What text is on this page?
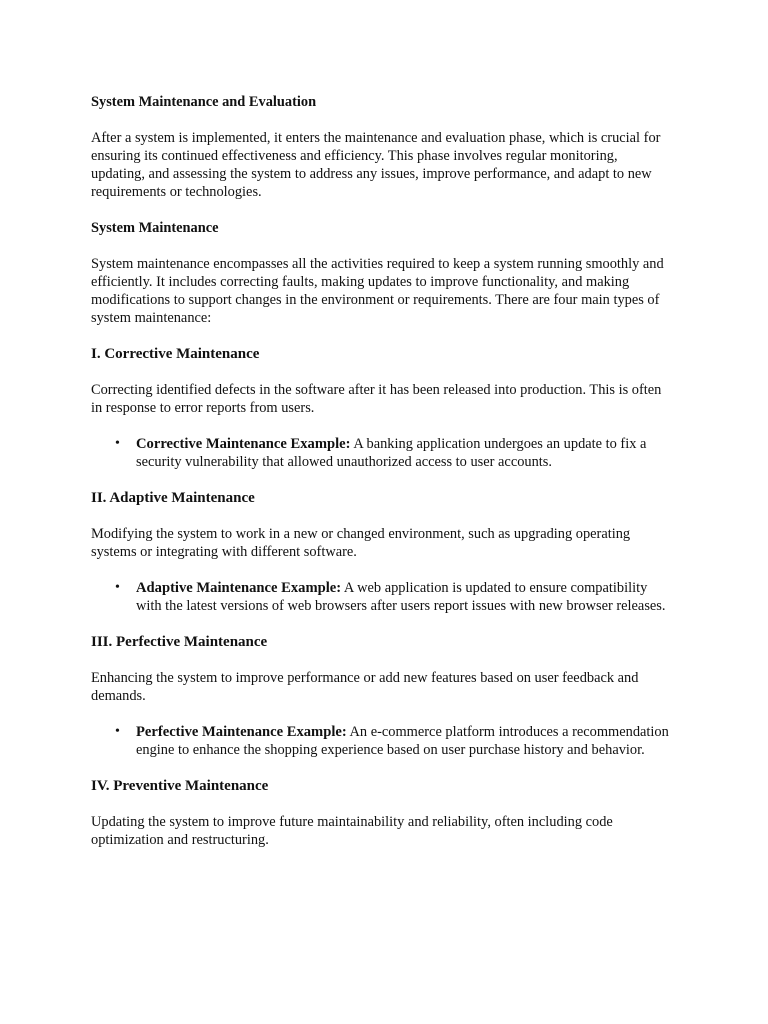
System Maintenance and Evaluation

After a system is implemented, it enters the maintenance and evaluation phase, which is crucial for ensuring its continued effectiveness and efficiency. This phase involves regular monitoring, updating, and assessing the system to address any issues, improve performance, and adapt to new requirements or technologies.

System Maintenance

System maintenance encompasses all the activities required to keep a system running smoothly and efficiently. It includes correcting faults, making updates to improve functionality, and making modifications to support changes in the environment or requirements. There are four main types of system maintenance:

I. Corrective Maintenance

Correcting identified defects in the software after it has been released into production. This is often in response to error reports from users.

• Corrective Maintenance Example: A banking application undergoes an update to fix a security vulnerability that allowed unauthorized access to user accounts.
II. Adaptive Maintenance

Modifying the system to work in a new or changed environment, such as upgrading operating systems or integrating with different software.

• Adaptive Maintenance Example: A web application is updated to ensure compatibility with the latest versions of web browsers after users report issues with new browser releases.
III. Perfective Maintenance

Enhancing the system to improve performance or add new features based on user feedback and demands.

• Perfective Maintenance Example: An e-commerce platform introduces a recommendation engine to enhance the shopping experience based on user purchase history and behavior.
IV. Preventive Maintenance

Updating the system to improve future maintainability and reliability, often including code optimization and restructuring.
